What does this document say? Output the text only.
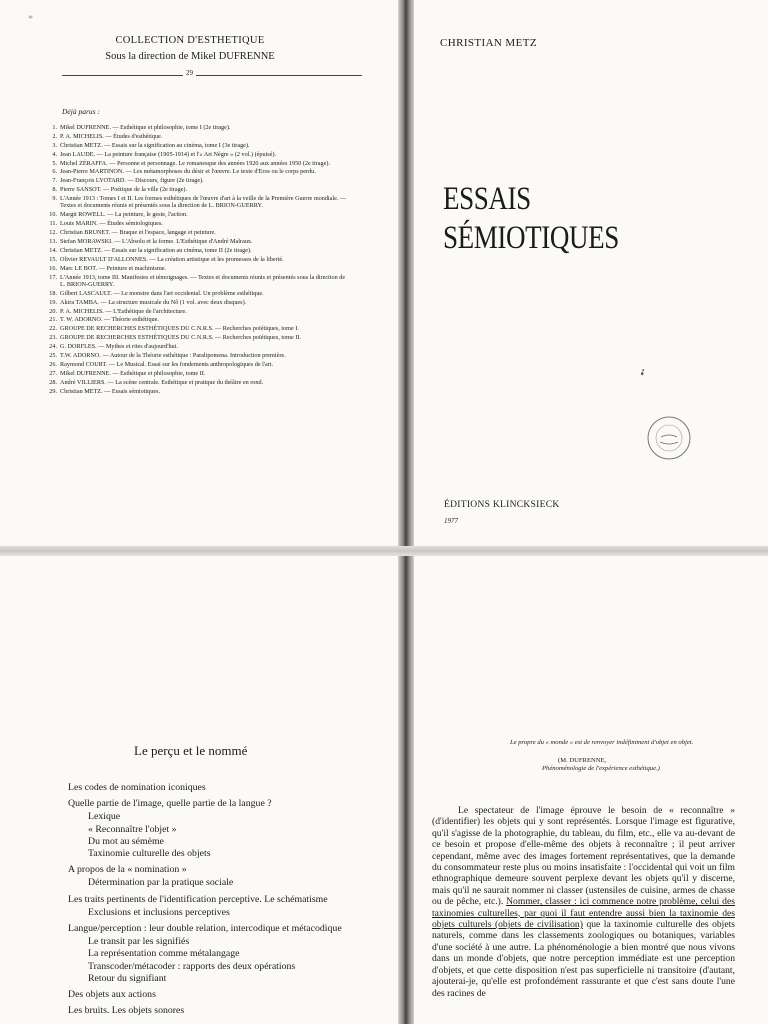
*
COLLECTION D'ESTHETIQUE
Sous la direction de Mikel DUFRENNE
29
Déjà parus :
1. Mikel DUFRENNE. — Esthétique et philosophie, tome I (2e tirage).
2. P. A. MICHELIS. — Études d'esthétique.
3. Christian METZ. — Essais sur la signification au cinéma, tome I (3e tirage).
4. Jean LAUDE. — La peinture française (1905-1914) et l'« Art Nègre » (2 vol.) (épuisé).
5. Michel ZÉRAFFA. — Personne et personnage. Le romanesque des années 1920 aux années 1950 (2e tirage).
6. Jean-Pierre MARTINON. — Les métamorphoses du désir et l'œuvre. Le texte d'Eros ou le corps perdu.
7. Jean-François LYOTARD. — Discours, figure (2e tirage).
8. Pierre SANSOT. — Poétique de la ville (2e tirage).
9. L'Année 1913 : Tomes I et II. Les formes esthétiques de l'œuvre d'art à la veille de la Première Guerre mondiale. — Textes et documents réunis et présentés sous la direction de L. BRION-GUERRY.
10. Margit ROWELL. — La peinture, le geste, l'action.
11. Louis MARIN. — Études sémiologiques.
12. Christian BRUNET. — Braque et l'espace, langage et peinture.
13. Stefan MORAWSKI. — L'Absolu et la forme. L'Esthétique d'André Malraux.
14. Christian METZ. — Essais sur la signification au cinéma, tome II (2e tirage).
15. Olivier REVAULT D'ALLONNES. — La création artistique et les promesses de la liberté.
16. Marc LE BOT. — Peinture et machinisme.
17. L'Année 1913, tome III. Manifestes et témoignages. — Textes et documents réunis et présentés sous la direction de L. BRION-GUERRY.
18. Gilbert LASCAULT. — Le monstre dans l'art occidental. Un problème esthétique.
19. Akira TAMBA. — La structure musicale du Nô (1 vol. avec deux disques).
20. P. A. MICHELIS. — L'Esthétique de l'architecture.
21. T. W. ADORNO. — Théorie esthétique.
22. GROUPE DE RECHERCHES ESTHÉTIQUES DU C.N.R.S. — Recherches poïétiques, tome I.
23. GROUPE DE RECHERCHES ESTHÉTIQUES DU C.N.R.S. — Recherches poïétiques, tome II.
24. G. DORFLES. — Mythes et rites d'aujourd'hui.
25. T.W. ADORNO. — Autour de la Théorie esthétique : Paralipomena. Introduction première.
26. Raymond COURT. — Le Musical. Essai sur les fondements anthropologiques de l'art.
27. Mikel DUFRENNE. — Esthétique et philosophie, tome II.
28. André VILLIERS. — La scène centrale. Esthétique et pratique du théâtre en rond.
29. Christian METZ. — Essais sémiotiques.
CHRISTIAN METZ
ESSAIS
SÉMIOTIQUES
➶
ÉDITIONS KLINCKSIECK
1977
Le perçu et le nommé
Les codes de nomination iconiques
Quelle partie de l'image, quelle partie de la langue ?
Lexique
« Reconnaître l'objet »
Du mot au sémème
Taxinomie culturelle des objets
A propos de la « nomination »
Détermination par la pratique sociale
Les traits pertinents de l'identification perceptive. Le schématisme
Exclusions et inclusions perceptives
Langue/perception : leur double relation, intercodique et métacodique
Le transit par les signifiés
La représentation comme métalangage
Transcoder/métacoder : rapports des deux opérations
Retour du signifiant
Des objets aux actions
Les bruits. Les objets sonores
Le propre du « monde » est de renvoyer indéfiniment d'objet en objet.
(M. DUFRENNE,
Phénoménologie de l'expérience esthétique.)

Le spectateur de l'image éprouve le besoin de « reconnaître » (d'identifier) les objets qui y sont représentés. Lorsque l'image est figurative, qu'il s'agisse de la photographie, du tableau, du film, etc., elle va au-devant de ce besoin et propose d'elle-même des objets à reconnaître ; il peut arriver cependant, même avec des images fortement représentatives, que la demande du consommateur reste plus ou moins insatisfaite : l'occidental qui voit un film ethnographique demeure souvent perplexe devant les objets qu'il y discerne, mais qu'il ne saurait nommer ni classer (ustensiles de cuisine, armes de chasse ou de pêche, etc.). Nommer, classer : ici commence notre problème, celui des taxinomies culturelles, par quoi il faut entendre aussi bien la taxinomie des objets culturels (objets de civilisation) que la taxinomie culturelle des objets naturels, comme dans les classements zoologiques ou botaniques, variables d'une société à une autre. La phénoménologie a bien montré que nous vivons dans un monde d'objets, que notre perception immédiate est une perception d'objets, et que cette disposition n'est pas superficielle ni transitoire (d'autant, ajouterai-je, qu'elle est profondément rassurante et que c'est sans doute l'une des racines de
